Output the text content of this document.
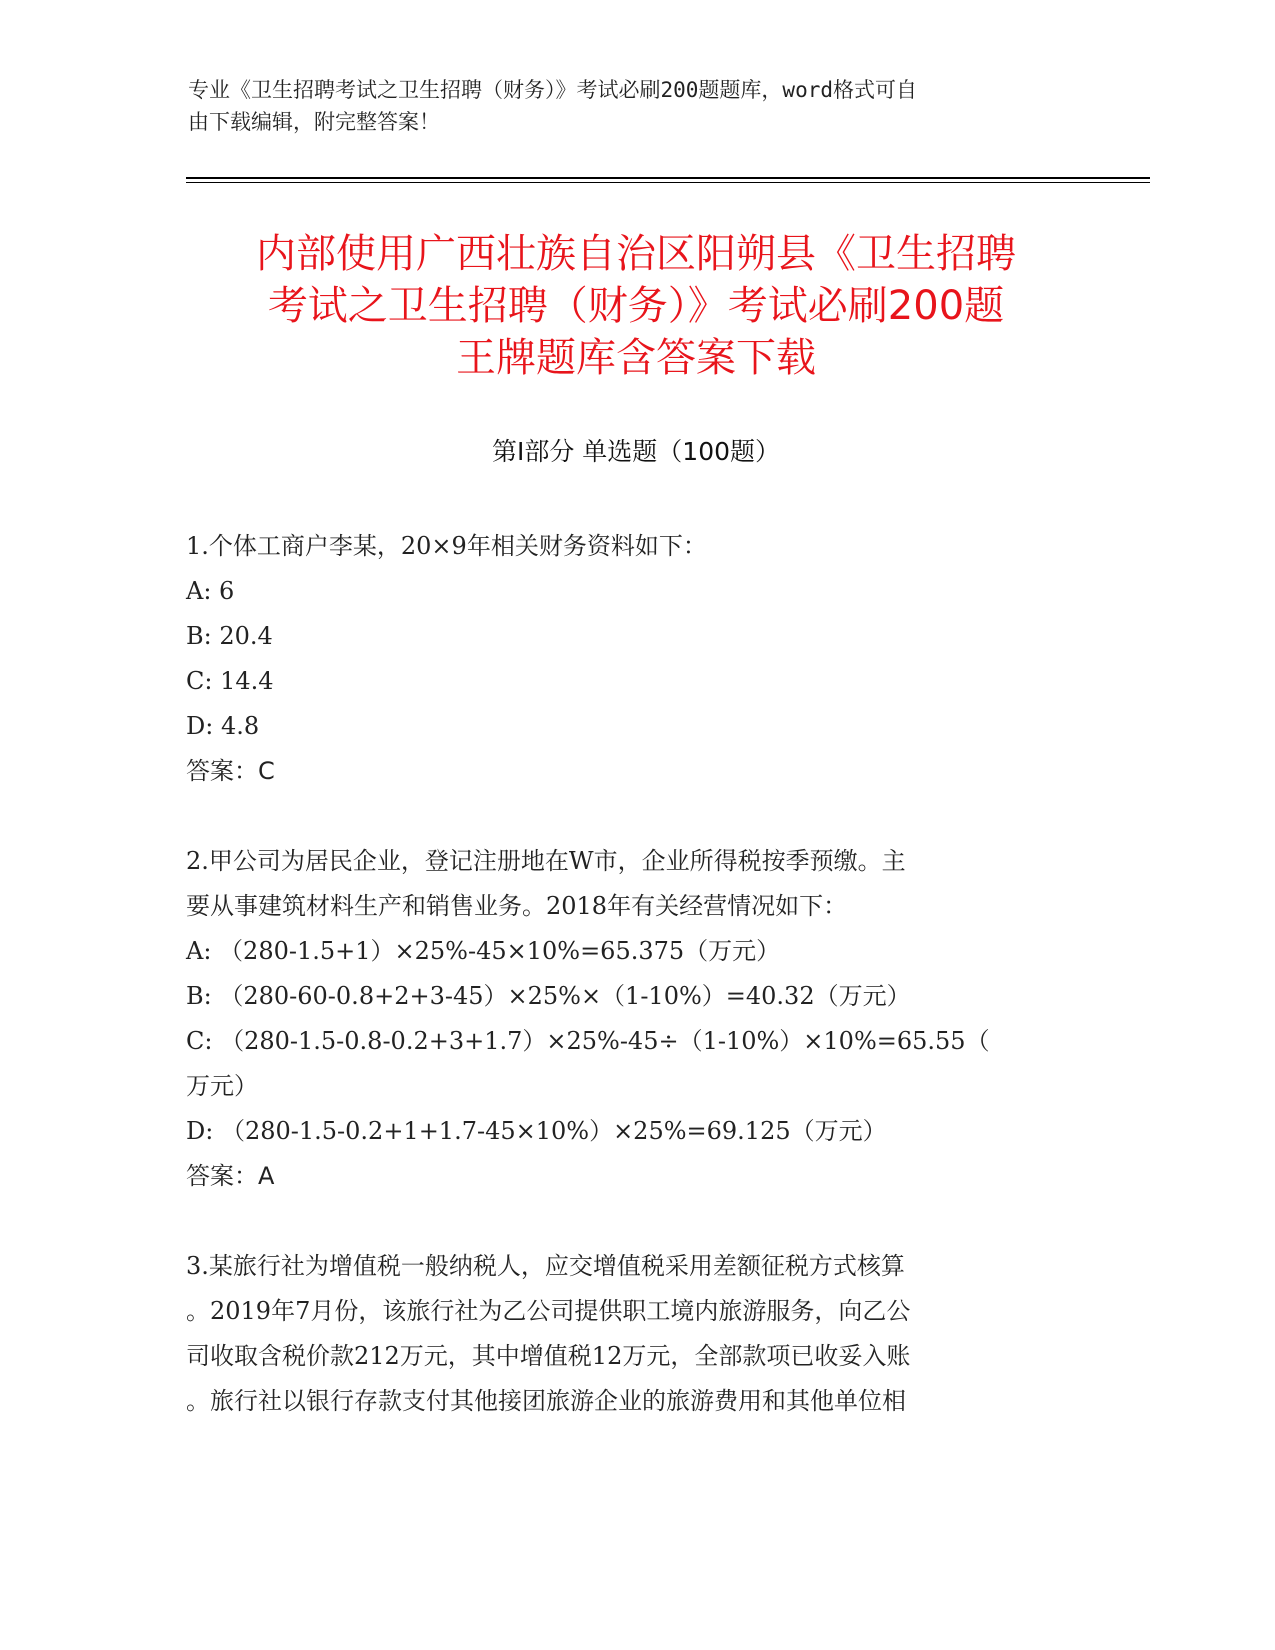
专业《卫生招聘考试之卫生招聘（财务）》考试必刷200题题库，word格式可自
由下载编辑，附完整答案！
内部使用广西壮族自治区阳朔县《卫生招聘
考试之卫生招聘（财务）》考试必刷200题
王牌题库含答案下载
第Ⅰ部分 单选题（100题）
1.个体工商户李某，20×9年相关财务资料如下：
A: 6
B: 20.4
C: 14.4
D: 4.8
答案：C
2.甲公司为居民企业，登记注册地在W市，企业所得税按季预缴。主
要从事建筑材料生产和销售业务。2018年有关经营情况如下：
A: （280-1.5+1）×25%-45×10%=65.375（万元）
B: （280-60-0.8+2+3-45）×25%×（1-10%）=40.32（万元）
C: （280-1.5-0.8-0.2+3+1.7）×25%-45÷（1-10%）×10%=65.55（
万元）
D: （280-1.5-0.2+1+1.7-45×10%）×25%=69.125（万元）
答案：A
3.某旅行社为增值税一般纳税人，应交增值税采用差额征税方式核算
。2019年7月份，该旅行社为乙公司提供职工境内旅游服务，向乙公
司收取含税价款212万元，其中增值税12万元，全部款项已收妥入账
。旅行社以银行存款支付其他接团旅游企业的旅游费用和其他单位相
